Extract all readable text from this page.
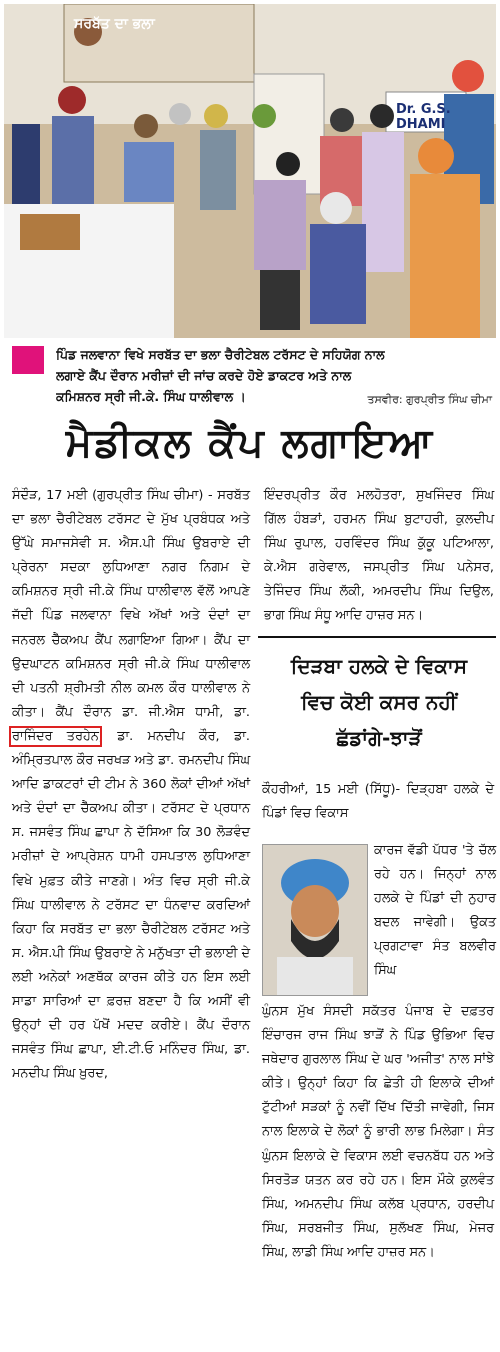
ਸਰਬੱਤ ਦਾ ਭਲਾ
Dr. G.S. DHAMI
ਪਿੰਡ ਜਲਵਾਨਾ ਵਿਖੇ ਸਰਬੱਤ ਦਾ ਭਲਾ ਚੈਰੀਟੇਬਲ ਟਰੱਸਟ ਦੇ ਸਹਿਯੋਗ ਨਾਲ
ਲਗਾਏ ਕੈਂਪ ਦੌਰਾਨ ਮਰੀਜ਼ਾਂ ਦੀ ਜਾਂਚ ਕਰਦੇ ਹੋਏ ਡਾਕਟਰ ਅਤੇ ਨਾਲ
ਕਮਿਸ਼ਨਰ ਸ੍ਰੀ ਜੀ.ਕੇ. ਸਿੰਘ ਧਾਲੀਵਾਲ ।	ਤਸਵੀਰ: ਗੁਰਪ੍ਰੀਤ ਸਿੰਘ ਚੀਮਾ
ਮੈਡੀਕਲ ਕੈਂਪ ਲਗਾਇਆ

ਸੰਦੌੜ, 17 ਮਈ (ਗੁਰਪ੍ਰੀਤ ਸਿੰਘ ਚੀਮਾ) - ਸਰਬੱਤ ਦਾ ਭਲਾ ਚੈਰੀਟੇਬਲ ਟਰੱਸਟ ਦੇ ਮੁੱਖ ਪ੍ਰਬੰਧਕ ਅਤੇ ਉੱਘੇ ਸਮਾਜਸੇਵੀ ਸ. ਐਸ.ਪੀ ਸਿੰਘ ਉਬਰਾਏ ਦੀ ਪ੍ਰੇਰਨਾ ਸਦਕਾ ਲੁਧਿਆਣਾ ਨਗਰ ਨਿਗਮ ਦੇ ਕਮਿਸ਼ਨਰ ਸ੍ਰੀ ਜੀ.ਕੇ ਸਿੰਘ ਧਾਲੀਵਾਲ ਵੱਲੋਂ ਆਪਣੇ ਜੱਦੀ ਪਿੰਡ ਜਲਵਾਨਾ ਵਿਖੇ ਅੱਖਾਂ ਅਤੇ ਦੰਦਾਂ ਦਾ ਜਨਰਲ ਚੈੱਕਅਪ ਕੈਂਪ ਲਗਾਇਆ ਗਿਆ। ਕੈਂਪ ਦਾ ਉਦਘਾਟਨ ਕਮਿਸ਼ਨਰ ਸ੍ਰੀ ਜੀ.ਕੇ ਸਿੰਘ ਧਾਲੀਵਾਲ ਦੀ ਪਤਨੀ ਸ਼੍ਰੀਮਤੀ ਨੀਲ ਕਮਲ ਕੌਰ ਧਾਲੀਵਾਲ ਨੇ ਕੀਤਾ। ਕੈਂਪ ਦੌਰਾਨ ਡਾ. ਜੀ.ਐਸ ਧਾਮੀ, ਡਾ. ਰਾਜਿੰਦਰ ਤਰਹੇਨ, ਡਾ. ਮਨਦੀਪ ਕੌਰ, ਡਾ. ਅੰਮ੍ਰਿਤਪਾਲ ਕੌਰ ਜਰਖੜ ਅਤੇ ਡਾ. ਰਮਨਦੀਪ ਸਿੰਘ ਆਦਿ ਡਾਕਟਰਾਂ ਦੀ ਟੀਮ ਨੇ 360 ਲੋਕਾਂ ਦੀਆਂ ਅੱਖਾਂ ਅਤੇ ਦੰਦਾਂ ਦਾ ਚੈੱਕਅਪ ਕੀਤਾ। ਟਰੱਸਟ ਦੇ ਪ੍ਰਧਾਨ ਸ. ਜਸਵੰਤ ਸਿੰਘ ਛਾਪਾ ਨੇ ਦੱਸਿਆ ਕਿ 30 ਲੋੜਵੰਦ ਮਰੀਜ਼ਾਂ ਦੇ ਆਪ੍ਰੇਸ਼ਨ ਧਾਮੀ ਹਸਪਤਾਲ ਲੁਧਿਆਣਾ ਵਿਖੇ ਮੁਫ਼ਤ ਕੀਤੇ ਜਾਣਗੇ। ਅੰਤ ਵਿਚ ਸ੍ਰੀ ਜੀ.ਕੇ ਸਿੰਘ ਧਾਲੀਵਾਲ ਨੇ ਟਰੱਸਟ ਦਾ ਧੰਨਵਾਦ ਕਰਦਿਆਂ ਕਿਹਾ ਕਿ ਸਰਬੱਤ ਦਾ ਭਲਾ ਚੈਰੀਟੇਬਲ ਟਰੱਸਟ ਅਤੇ ਸ. ਐਸ.ਪੀ ਸਿੰਘ ਉਬਰਾਏ ਨੇ ਮਨੁੱਖਤਾ ਦੀ ਭਲਾਈ ਦੇ ਲਈ ਅਨੇਕਾਂ ਅਣਥੱਕ ਕਾਰਜ ਕੀਤੇ ਹਨ ਇਸ ਲਈ ਸਾਡਾ ਸਾਰਿਆਂ ਦਾ ਫ਼ਰਜ਼ ਬਣਦਾ ਹੈ ਕਿ ਅਸੀਂ ਵੀ ਉਨ੍ਹਾਂ ਦੀ ਹਰ ਪੱਖੋਂ ਮਦਦ ਕਰੀਏ। ਕੈਂਪ ਦੌਰਾਨ ਜਸਵੰਤ ਸਿੰਘ ਛਾਪਾ, ਈ.ਟੀ.ਓ ਮਨਿੰਦਰ ਸਿੰਘ, ਡਾ. ਮਨਦੀਪ ਸਿੰਘ ਖ਼ੁਰਦ,

ਇੰਦਰਪ੍ਰੀਤ ਕੌਰ ਮਲਹੋਤਰਾ, ਸੁਖਜਿੰਦਰ ਸਿੰਘ ਗਿੱਲ ਹੰਬੜਾਂ, ਹਰਮਨ ਸਿੰਘ ਬੁਟਾਹਰੀ, ਕੁਲਦੀਪ ਸਿੰਘ ਰੁਪਾਲ, ਹਰਵਿੰਦਰ ਸਿੰਘ ਕੁੱਕੂ ਪਟਿਆਲਾ, ਕੇ.ਐਸ ਗਰੇਵਾਲ, ਜਸਪ੍ਰੀਤ ਸਿੰਘ ਪਨੇਸਰ, ਤੇਜਿੰਦਰ ਸਿੰਘ ਲੱਕੀ, ਅਮਰਦੀਪ ਸਿੰਘ ਦਿਉਲ, ਭਾਗ ਸਿੰਘ ਸੰਧੂ ਆਦਿ ਹਾਜ਼ਰ ਸਨ।

ਦਿੜਬਾ ਹਲਕੇ ਦੇ ਵਿਕਾਸ
ਵਿਚ ਕੋਈ ਕਸਰ ਨਹੀਂ
ਛੱਡਾਂਗੇ-ਝਾੜੋਂ

ਕੌਹਰੀਆਂ, 15 ਮਈ (ਸਿੱਧੂ)- ਦਿੜ੍ਹਬਾ ਹਲਕੇ ਦੇ ਪਿੰਡਾਂ ਵਿਚ ਵਿਕਾਸ

ਕਾਰਜ ਵੱਡੀ ਪੱਧਰ 'ਤੇ ਚੱਲ ਰਹੇ ਹਨ। ਜਿਨ੍ਹਾਂ ਨਾਲ ਹਲਕੇ ਦੇ ਪਿੰਡਾਂ ਦੀ ਨੁਹਾਰ ਬਦਲ ਜਾਵੇਗੀ। ਉਕਤ ਪ੍ਰਗਟਾਵਾ ਸੰਤ ਬਲਵੀਰ ਸਿੰਘ

ਘੁੰਨਸ ਮੁੱਖ ਸੰਸਦੀ ਸਕੱਤਰ ਪੰਜਾਬ ਦੇ ਦਫ਼ਤਰ ਇੰਚਾਰਜ ਰਾਜ ਸਿੰਘ ਝਾੜੋਂ ਨੇ ਪਿੰਡ ਉਭਿਆ ਵਿਚ ਜਥੇਦਾਰ ਗੁਰਲਾਲ ਸਿੰਘ ਦੇ ਘਰ 'ਅਜੀਤ' ਨਾਲ ਸਾਂਝੇ ਕੀਤੇ। ਉਨ੍ਹਾਂ ਕਿਹਾ ਕਿ ਛੇਤੀ ਹੀ ਇਲਾਕੇ ਦੀਆਂ ਟੁੱਟੀਆਂ ਸੜਕਾਂ ਨੂੰ ਨਵੀਂ ਦਿੱਖ ਦਿੱਤੀ ਜਾਵੇਗੀ, ਜਿਸ ਨਾਲ ਇਲਾਕੇ ਦੇ ਲੋਕਾਂ ਨੂੰ ਭਾਰੀ ਲਾਭ ਮਿਲੇਗਾ। ਸੰਤ ਘੁੰਨਸ ਇਲਾਕੇ ਦੇ ਵਿਕਾਸ ਲਈ ਵਚਨਬੱਧ ਹਨ ਅਤੇ ਸਿਰਤੋੜ ਯਤਨ ਕਰ ਰਹੇ ਹਨ। ਇਸ ਮੌਕੇ ਕੁਲਵੰਤ ਸਿੰਘ, ਅਮਨਦੀਪ ਸਿੰਘ ਕਲੱਬ ਪ੍ਰਧਾਨ, ਹਰਦੀਪ ਸਿੰਘ, ਸਰਬਜੀਤ ਸਿੰਘ, ਸੁਲੱਖਣ ਸਿੰਘ, ਮੇਜਰ ਸਿੰਘ, ਲਾਡੀ ਸਿੰਘ ਆਦਿ ਹਾਜ਼ਰ ਸਨ।
